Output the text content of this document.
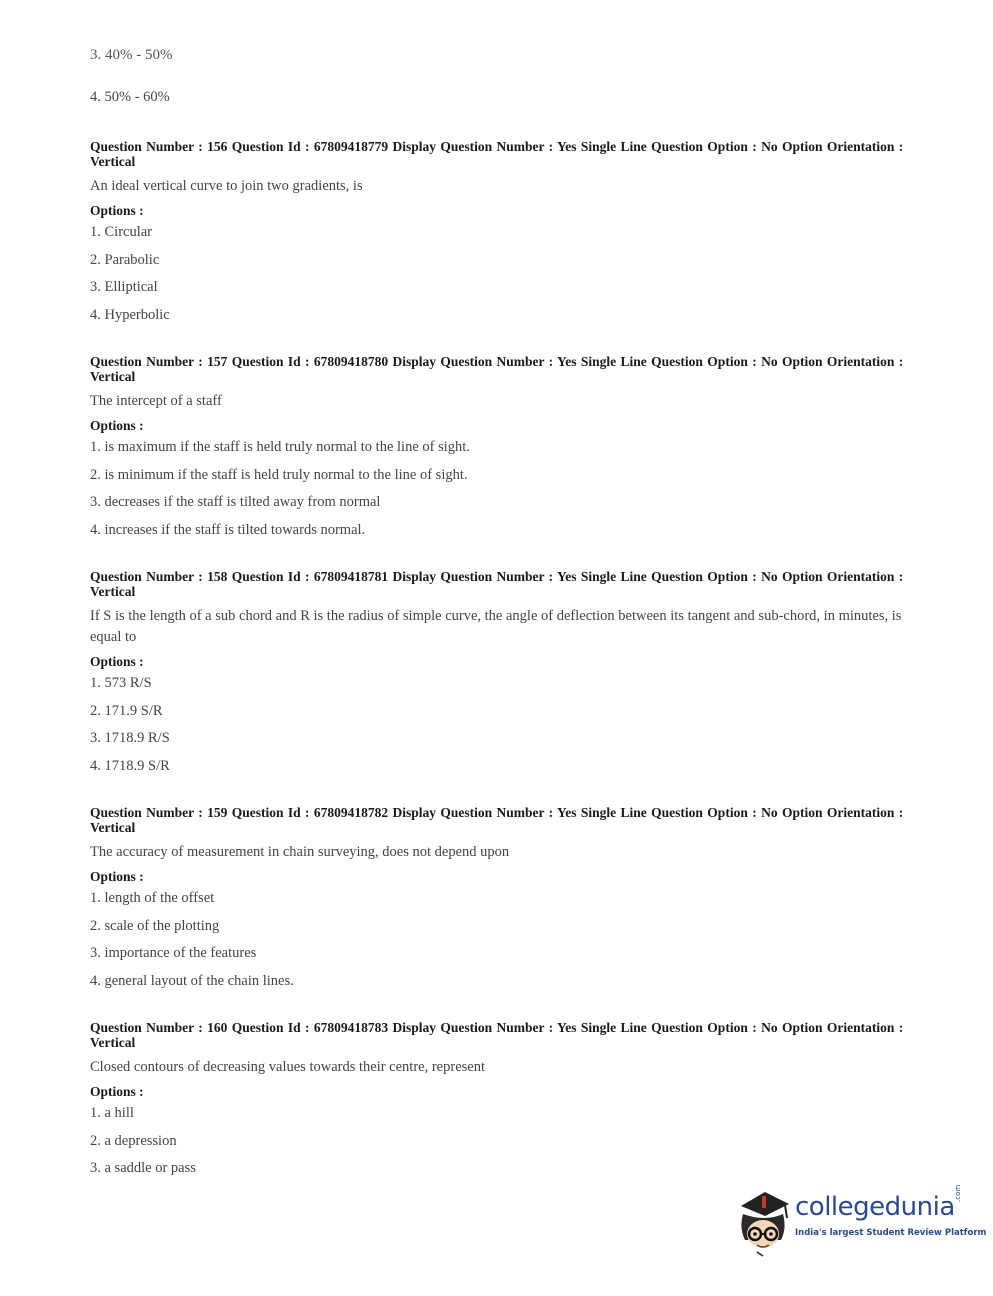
3. 40% - 50%
4. 50% - 60%

Question Number : 156 Question Id : 67809418779 Display Question Number : Yes Single Line Question Option : No Option Orientation : Vertical

An ideal vertical curve to join two gradients, is
Options :
1. Circular
2. Parabolic
3. Elliptical
4. Hyperbolic

Question Number : 157 Question Id : 67809418780 Display Question Number : Yes Single Line Question Option : No Option Orientation : Vertical

The intercept of a staff
Options :
1. is maximum if the staff is held truly normal to the line of sight.
2. is minimum if the staff is held truly normal to the line of sight.
3. decreases if the staff is tilted away from normal
4. increases if the staff is tilted towards normal.

Question Number : 158 Question Id : 67809418781 Display Question Number : Yes Single Line Question Option : No Option Orientation : Vertical

If S is the length of a sub chord and R is the radius of simple curve, the angle of deflection between its tangent and sub-chord, in minutes, is equal to
Options :
1. 573 R/S
2. 171.9 S/R
3. 1718.9 R/S
4. 1718.9 S/R

Question Number : 159 Question Id : 67809418782 Display Question Number : Yes Single Line Question Option : No Option Orientation : Vertical

The accuracy of measurement in chain surveying, does not depend upon
Options :
1. length of the offset
2. scale of the plotting
3. importance of the features
4. general layout of the chain lines.

Question Number : 160 Question Id : 67809418783 Display Question Number : Yes Single Line Question Option : No Option Orientation : Vertical

Closed contours of decreasing values towards their centre, represent
Options :
1. a hill
2. a depression
3. a saddle or pass
collegedunia .com
India's largest Student Review Platform
